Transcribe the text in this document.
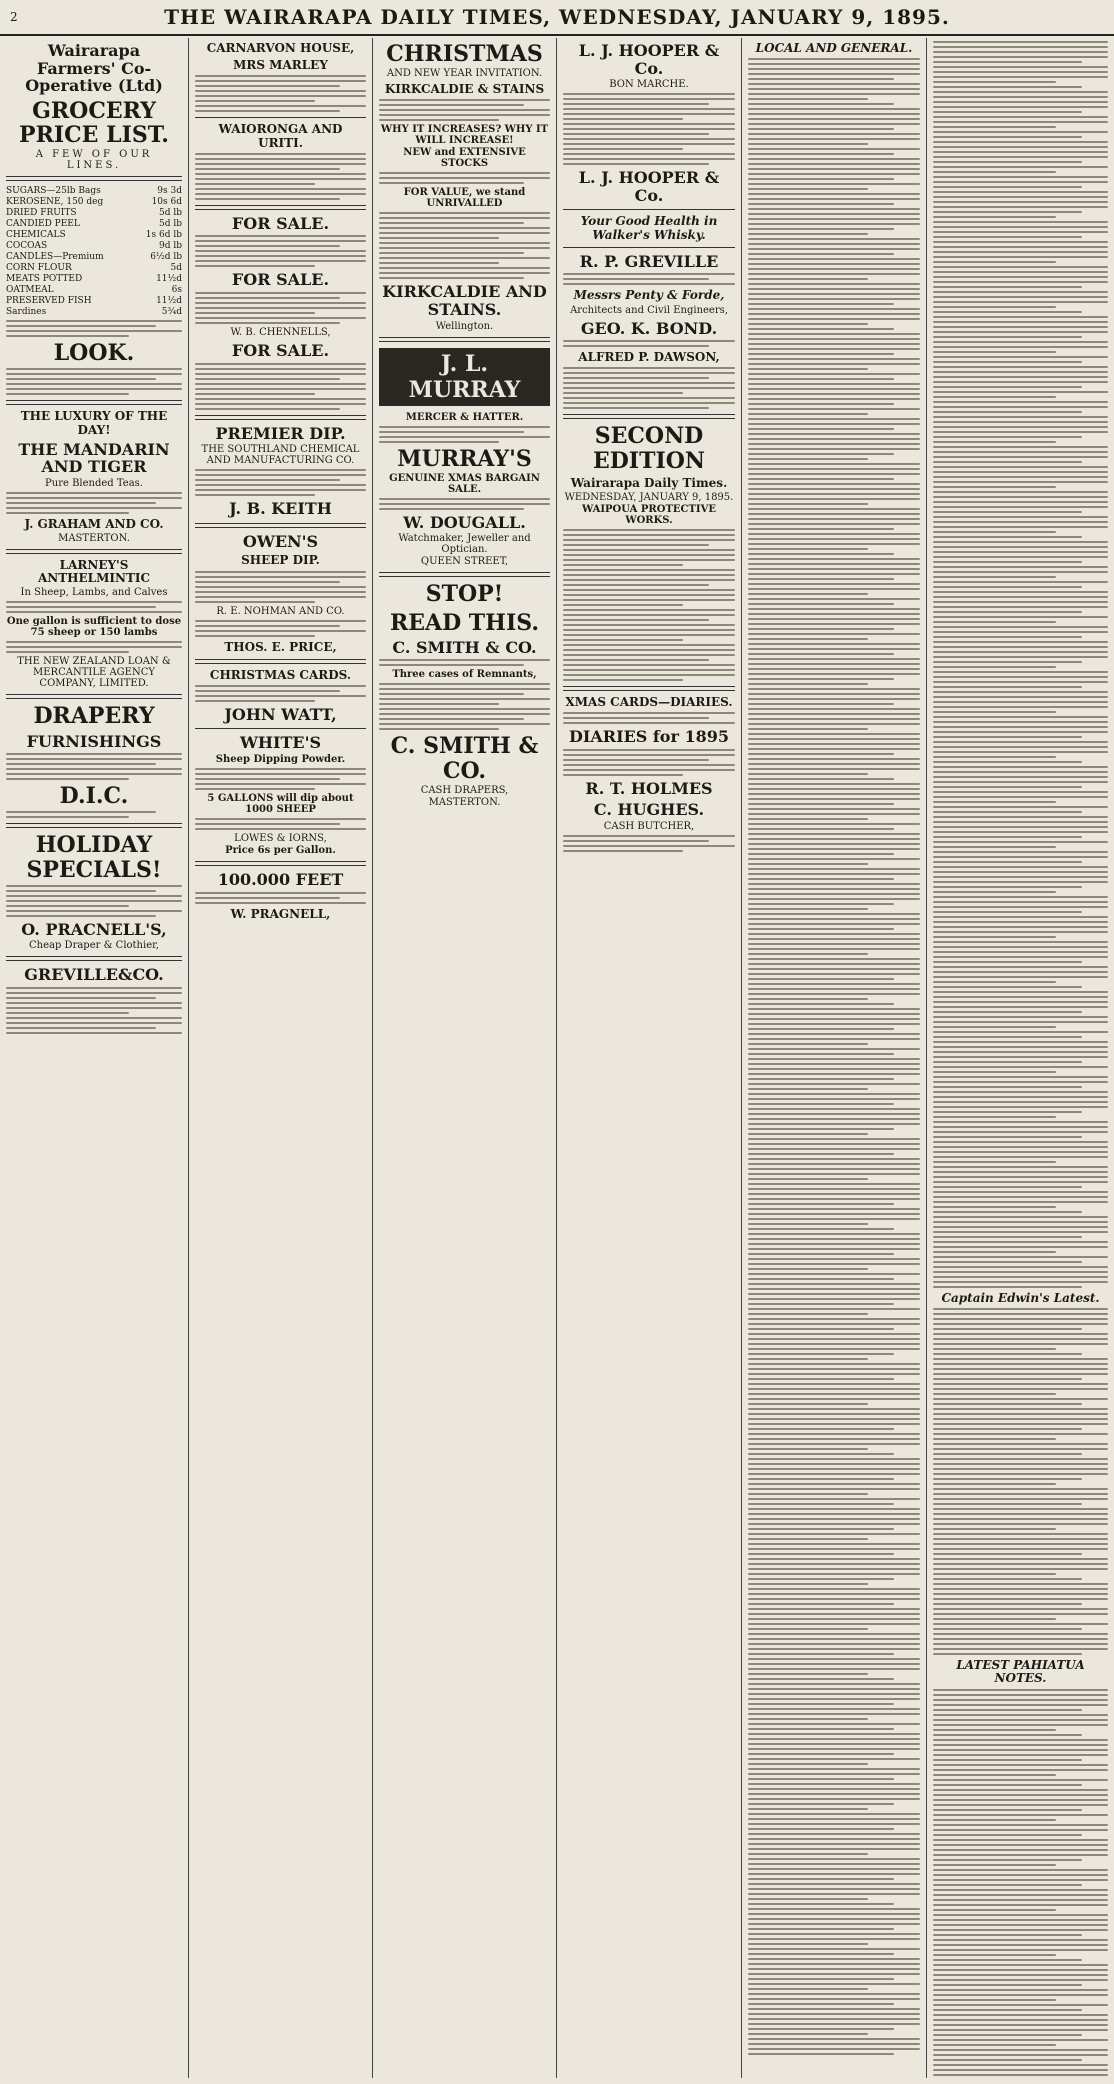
2	THE WAIRARAPA DAILY TIMES, WEDNESDAY, JANUARY 9, 1895.
Wairarapa Farmers' Co-Operative (Ltd)
GROCERY PRICE LIST.
A FEW OF OUR LINES.
SUGARS—25lb Bags	9s 3d
KEROSENE, 150 deg	10s 6d
DRIED FRUITS	5d lb
CANDIED PEEL	5d lb
CHEMICALS	1s 6d lb
COCOAS	9d lb
CANDLES—Premium	6½d lb
CORN FLOUR	5d
MEATS POTTED	11½d
OATMEAL	6s
PRESERVED FISH	11½d
Sardines	5¾d
LOOK.
THE LUXURY OF THE DAY!
THE MANDARIN AND TIGER
Pure Blended Teas.
J. GRAHAM AND CO.
MASTERTON.
LARNEY'S ANTHELMINTIC
In Sheep, Lambs, and Calves
One gallon is sufficient to dose 75 sheep or 150 lambs
THE NEW ZEALAND LOAN & MERCANTILE AGENCY COMPANY, LIMITED.
DRAPERY
FURNISHINGS
D.I.C.
HOLIDAY SPECIALS!
O. PRACNELL'S,
Cheap Draper & Clothier,
GREVILLE&CO.
CARNARVON HOUSE,
MRS MARLEY
WAIORONGA AND URITI.
FOR SALE.
FOR SALE.
W. B. CHENNELLS,
FOR SALE.
PREMIER DIP.
THE SOUTHLAND CHEMICAL AND MANUFACTURING CO.
J. B. KEITH
OWEN'S
SHEEP DIP.
R. E. NOHMAN AND CO.
THOS. E. PRICE,
CHRISTMAS CARDS.
JOHN WATT,
WHITE'S
Sheep Dipping Powder.
5 GALLONS will dip about 1000 SHEEP
LOWES & IORNS,
Price 6s per Gallon.
100.000 FEET
W. PRAGNELL,
CHRISTMAS
AND NEW YEAR INVITATION.
KIRKCALDIE & STAINS
WHY IT INCREASES? WHY IT WILL INCREASE!
NEW and EXTENSIVE STOCKS
FOR VALUE, we stand UNRIVALLED
KIRKCALDIE AND STAINS.
Wellington.
J. L. MURRAY
MERCER & HATTER.
MURRAY'S
GENUINE XMAS BARGAIN SALE.
W. DOUGALL.
Watchmaker, Jeweller and Optician.
QUEEN STREET,
STOP!
READ THIS.
C. SMITH & CO.
Three cases of Remnants,
C. SMITH & CO.
CASH DRAPERS,
MASTERTON.
L. J. HOOPER & Co.
BON MARCHE.
L. J. HOOPER & Co.
Your Good Health in Walker's Whisky.
R. P. GREVILLE
Messrs Penty & Forde,
Architects and Civil Engineers,
GEO. K. BOND.
ALFRED P. DAWSON,
SECOND EDITION
Wairarapa Daily Times.
WEDNESDAY, JANUARY 9, 1895.
WAIPOUA PROTECTIVE WORKS.
XMAS CARDS—DIARIES.
DIARIES for 1895
R. T. HOLMES
C. HUGHES.
CASH BUTCHER,
LOCAL AND GENERAL.
Captain Edwin's Latest.
LATEST PAHIATUA NOTES.
